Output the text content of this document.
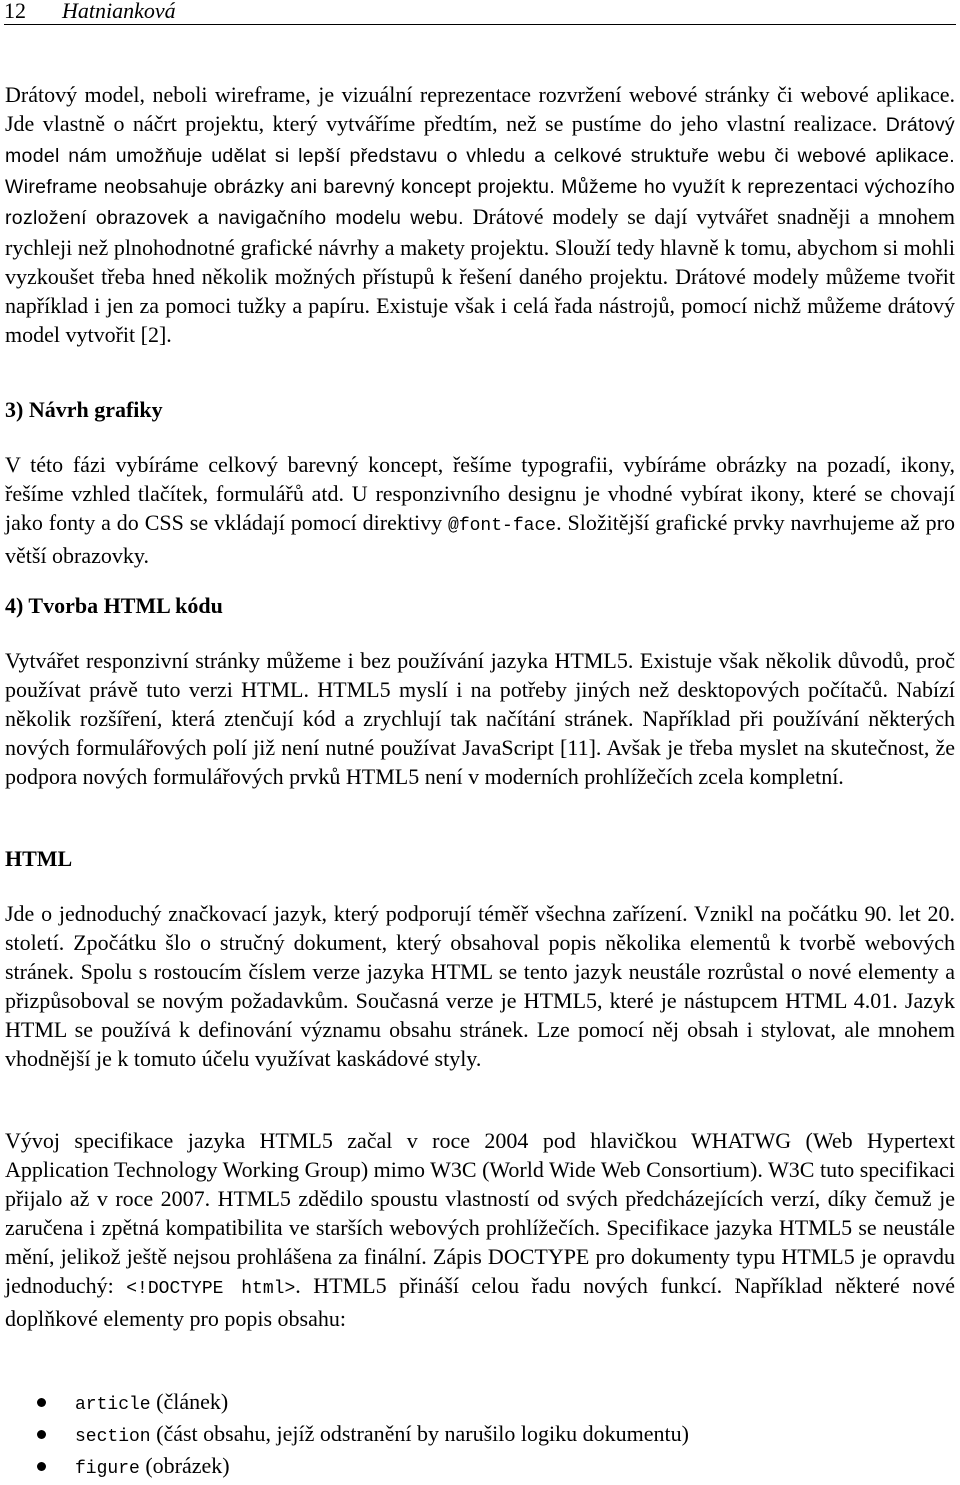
12 Hatnianková

Drátový model, neboli wireframe, je vizuální reprezentace rozvržení webové stránky či webové aplikace. Jde vlastně o náčrt projektu, který vytváříme předtím, než se pustíme do jeho vlastní realizace. Drátový model nám umožňuje udělat si lepší představu o vhledu a celkové struktuře webu či webové aplikace. Wireframe neobsahuje obrázky ani barevný koncept projektu. Můžeme ho využít k reprezentaci výchozího rozložení obrazovek a navigačního modelu webu. Drátové modely se dají vytvářet snadněji a mnohem rychleji než plnohodnotné grafické návrhy a makety projektu. Slouží tedy hlavně k tomu, abychom si mohli vyzkoušet třeba hned několik možných přístupů k řešení daného projektu. Drátové modely můžeme tvořit například i jen za pomoci tužky a papíru. Existuje však i celá řada nástrojů, pomocí nichž můžeme drátový model vytvořit [2].

3) Návrh grafiky

V této fázi vybíráme celkový barevný koncept, řešíme typografii, vybíráme obrázky na pozadí, ikony, řešíme vzhled tlačítek, formulářů atd. U responzivního designu je vhodné vybírat ikony, které se chovají jako fonty a do CSS se vkládají pomocí direktivy @font-face. Složitější grafické prvky navrhujeme až pro větší obrazovky.

4) Tvorba HTML kódu

Vytvářet responzivní stránky můžeme i bez používání jazyka HTML5. Existuje však několik důvodů, proč používat právě tuto verzi HTML. HTML5 myslí i na potřeby jiných než desktopových počítačů. Nabízí několik rozšíření, která ztenčují kód a zrychlují tak načítání stránek. Například při používání některých nových formulářových polí již není nutné používat JavaScript [11]. Avšak je třeba myslet na skutečnost, že podpora nových formulářových prvků HTML5 není v moderních prohlížečích zcela kompletní.

HTML

Jde o jednoduchý značkovací jazyk, který podporují téměř všechna zařízení. Vznikl na počátku 90. let 20. století. Zpočátku šlo o stručný dokument, který obsahoval popis několika elementů k tvorbě webových stránek. Spolu s rostoucím číslem verze jazyka HTML se tento jazyk neustále rozrůstal o nové elementy a přizpůsoboval se novým požadavkům. Současná verze je HTML5, které je nástupcem HTML 4.01. Jazyk HTML se používá k definování významu obsahu stránek. Lze pomocí něj obsah i stylovat, ale mnohem vhodnější je k tomuto účelu využívat kaskádové styly.

Vývoj specifikace jazyka HTML5 začal v roce 2004 pod hlavičkou WHATWG (Web Hypertext Application Technology Working Group) mimo W3C (World Wide Web Consortium). W3C tuto specifikaci přijalo až v roce 2007. HTML5 zdědilo spoustu vlastností od svých předcházejících verzí, díky čemuž je zaručena i zpětná kompatibilita ve starších webových prohlížečích. Specifikace jazyka HTML5 se neustále mění, jelikož ještě nejsou prohlášena za finální. Zápis DOCTYPE pro dokumenty typu HTML5 je opravdu jednoduchý: <!DOCTYPE html>. HTML5 přináší celou řadu nových funkcí. Například některé nové doplňkové elementy pro popis obsahu:

article (článek)
section (část obsahu, jejíž odstranění by narušilo logiku dokumentu)
figure (obrázek)
